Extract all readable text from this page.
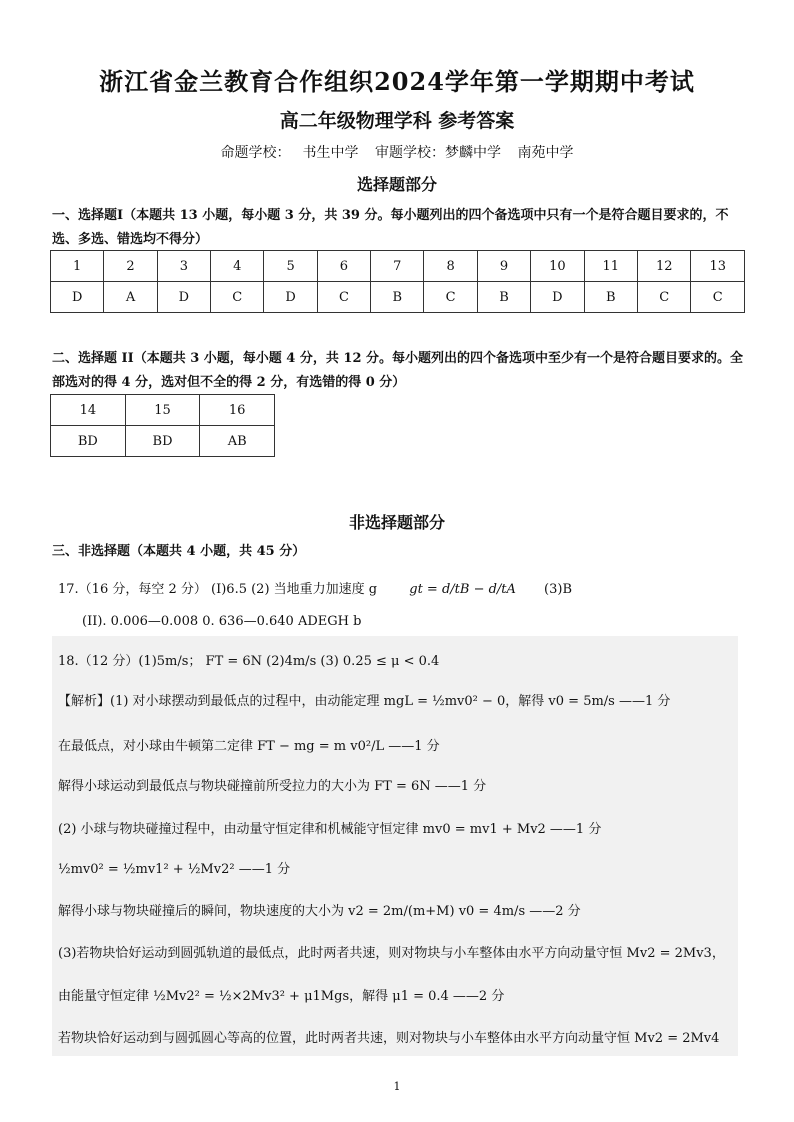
浙江省金兰教育合作组织2024学年第一学期期中考试
高二年级物理学科 参考答案
命题学校： 书生中学 审题学校：梦麟中学 南苑中学
选择题部分
一、选择题I（本题共 13 小题，每小题 3 分，共 39 分。每小题列出的四个备选项中只有一个是符合题目要求的，不选、多选、错选均不得分）
1	2	3	4	5	6	7	8	9	10	11	12	13
D	A	D	C	D	C	B	C	B	D	B	C	C
二、选择题 II（本题共 3 小题，每小题 4 分，共 12 分。每小题列出的四个备选项中至少有一个是符合题目要求的。全部选对的得 4 分，选对但不全的得 2 分，有选错的得 0 分）
14	15	16
BD	BD	AB
非选择题部分
三、非选择题（本题共 4 小题，共 45 分）
17.（16 分，每空 2 分） (I)6.5 (2) 当地重力加速度 g gt = d/tB − d/tA (3)B
(II). 0.006—0.008 0. 636—0.640 ADEGH b
18.（12 分）(1)5m/s； FT = 6N (2)4m/s (3) 0.25 ≤ μ < 0.4
【解析】(1) 对小球摆动到最低点的过程中，由动能定理 mgL = ½mv0² − 0，解得 v0 = 5m/s ——1 分
在最低点，对小球由牛顿第二定律 FT − mg = m v0²/L ——1 分
解得小球运动到最低点与物块碰撞前所受拉力的大小为 FT = 6N ——1 分
(2) 小球与物块碰撞过程中，由动量守恒定律和机械能守恒定律 mv0 = mv1 + Mv2 ——1 分
½mv0² = ½mv1² + ½Mv2² ——1 分
解得小球与物块碰撞后的瞬间，物块速度的大小为 v2 = 2m/(m+M) v0 = 4m/s ——2 分
(3)若物块恰好运动到圆弧轨道的最低点，此时两者共速，则对物块与小车整体由水平方向动量守恒 Mv2 = 2Mv3，
由能量守恒定律 ½Mv2² = ½×2Mv3² + μ1Mgs，解得 μ1 = 0.4 ——2 分
若物块恰好运动到与圆弧圆心等高的位置，此时两者共速，则对物块与小车整体由水平方向动量守恒 Mv2 = 2Mv4
1
